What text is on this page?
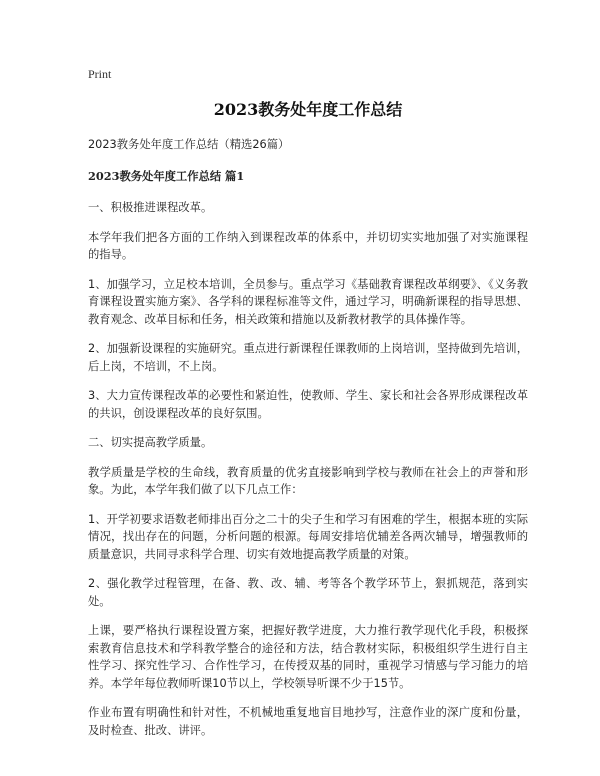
Print
2023教务处年度工作总结
2023教务处年度工作总结（精选26篇）
2023教务处年度工作总结 篇1

一、积极推进课程改革。

本学年我们把各方面的工作纳入到课程改革的体系中，并切切实实地加强了对实施课程的指导。

1、加强学习，立足校本培训，全员参与。重点学习《基础教育课程改革纲要》、《义务教育课程设置实施方案》、各学科的课程标准等文件，通过学习，明确新课程的指导思想、教育观念、改革目标和任务，相关政策和措施以及新教材教学的具体操作等。

2、加强新设课程的实施研究。重点进行新课程任课教师的上岗培训，坚持做到先培训，后上岗，不培训，不上岗。

3、大力宣传课程改革的必要性和紧迫性，使教师、学生、家长和社会各界形成课程改革的共识，创设课程改革的良好氛围。

二、切实提高教学质量。

教学质量是学校的生命线，教育质量的优劣直接影响到学校与教师在社会上的声誉和形象。为此，本学年我们做了以下几点工作：

1、开学初要求语数老师排出百分之二十的尖子生和学习有困难的学生，根据本班的实际情况，找出存在的问题，分析问题的根源。每周安排培优辅差各两次辅导，增强教师的质量意识，共同寻求科学合理、切实有效地提高教学质量的对策。

2、强化教学过程管理，在备、教、改、辅、考等各个教学环节上，狠抓规范，落到实处。

上课，要严格执行课程设置方案，把握好教学进度，大力推行教学现代化手段，积极探索教育信息技术和学科教学整合的途径和方法，结合教材实际，积极组织学生进行自主性学习、探究性学习、合作性学习，在传授双基的同时，重视学习情感与学习能力的培养。本学年每位教师听课10节以上，学校领导听课不少于15节。

作业布置有明确性和针对性，不机械地重复地盲目地抄写，注意作业的深广度和份量，及时检查、批改、讲评。
